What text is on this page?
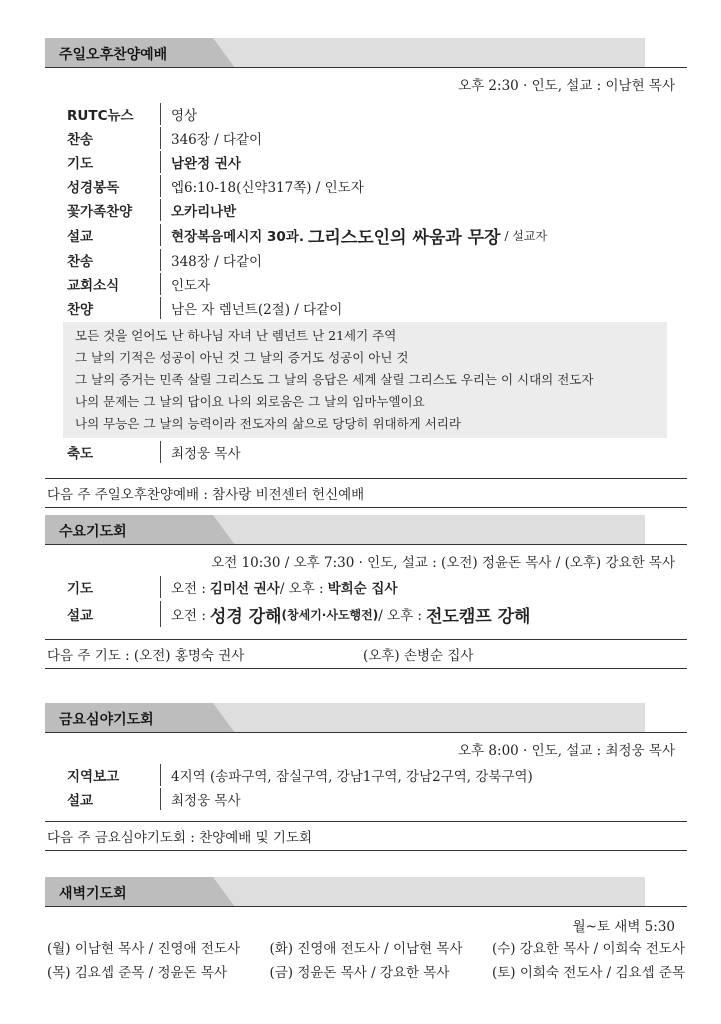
주일오후찬양예배
오후 2:30 · 인도, 설교 : 이남현 목사
RUTC뉴스	영상
찬송	346장 / 다같이
기도	남완정 권사
성경봉독	엡6:10-18(신약317쪽) / 인도자
꽃가족찬양	오카리나반
설교	현장복음메시지 30과. 그리스도인의 싸움과 무장 / 설교자
찬송	348장 / 다같이
교회소식	인도자
찬양	남은 자 렘넌트(2절) / 다같이
모든 것을 얻어도 난 하나님 자녀 난 렘넌트 난 21세기 주역
그 날의 기적은 성공이 아닌 것 그 날의 증거도 성공이 아닌 것
그 날의 증거는 민족 살릴 그리스도 그 날의 응답은 세계 살릴 그리스도 우리는 이 시대의 전도자
나의 문제는 그 날의 답이요 나의 외로움은 그 날의 임마누엘이요
나의 무능은 그 날의 능력이라 전도자의 삶으로 당당히 위대하게 서리라
축도	최정웅 목사
다음 주 주일오후찬양예배 : 참사랑 비전센터 헌신예배
수요기도회
오전 10:30 / 오후 7:30 · 인도, 설교 : (오전) 정윤돈 목사 / (오후) 강요한 목사
기도	오전 : 김미선 권사 / 오후 : 박희순 집사
설교	오전 : 성경 강해 (창세기·사도행전) / 오후 : 전도캠프 강해
다음 주 기도 : (오전) 홍명숙 권사	(오후) 손병순 집사
금요심야기도회
오후 8:00 · 인도, 설교 : 최정웅 목사
지역보고	4지역 (송파구역, 잠실구역, 강남1구역, 강남2구역, 강북구역)
설교	최정웅 목사
다음 주 금요심야기도회 : 찬양예배 및 기도회
새벽기도회
월~토 새벽 5:30
(월) 이남현 목사 / 진영애 전도사 (화) 진영애 전도사 / 이남현 목사 (수) 강요한 목사 / 이희숙 전도사
(목) 김요셉 준목 / 정윤돈 목사	(금) 정윤돈 목사 / 강요한 목사	(토) 이희숙 전도사 / 김요셉 준목
